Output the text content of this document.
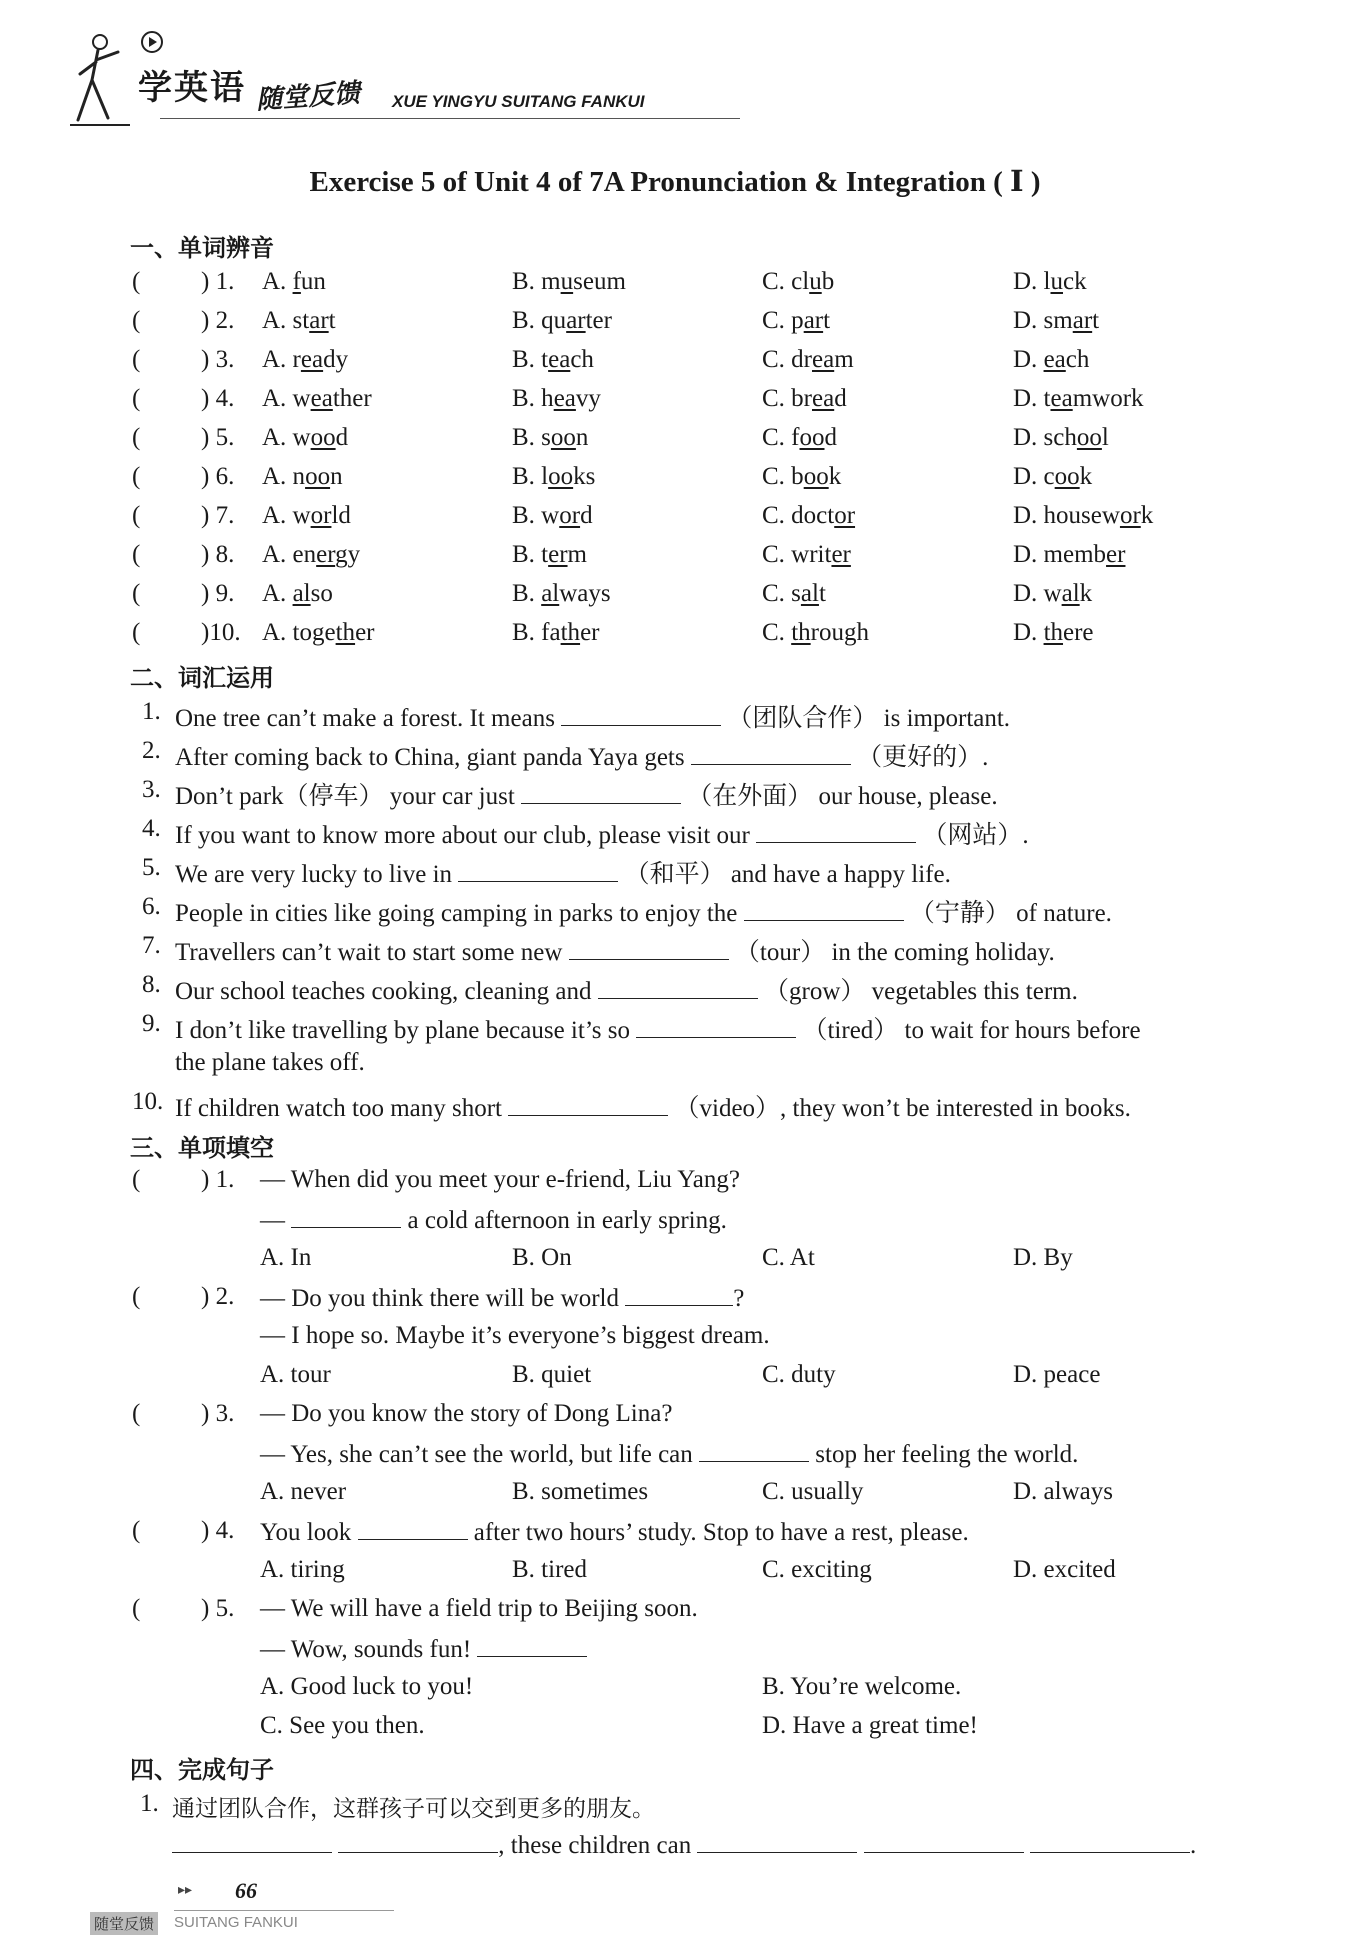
学英语 随堂反馈 XUE YINGYU SUITANG FANKUI
Exercise 5 of Unit 4 of 7A Pronunciation & Integration ( Ⅰ )
一、单词辨音
( ) 1. A. fun	B. museum	C. club	D. luck
( ) 2. A. start	B. quarter	C. part	D. smart
( ) 3. A. ready	B. teach	C. dream	D. each
( ) 4. A. weather	B. heavy	C. bread	D. teamwork
( ) 5. A. wood	B. soon	C. food	D. school
( ) 6. A. noon	B. looks	C. book	D. cook
( ) 7. A. world	B. word	C. doctor	D. housework
( ) 8. A. energy	B. term	C. writer	D. member
( ) 9. A. also	B. always	C. salt	D. walk
( )10. A. together	B. father	C. through	D. there
二、词汇运用
1. One tree can’t make a forest. It means	（团队合作） is important.
2. After coming back to China, giant panda Yaya gets	（更好的）.
3. Don’t park（停车） your car just	（在外面） our house, please.
4. If you want to know more about our club, please visit our	（网站）.
5. We are very lucky to live in	（和平） and have a happy life.
6. People in cities like going camping in parks to enjoy the	（宁静） of nature.
7. Travellers can’t wait to start some new	（tour） in the coming holiday.
8. Our school teaches cooking, cleaning and	（grow） vegetables this term.
9. I don’t like travelling by plane because it’s so	（tired） to wait for hours before
the plane takes off.
10. If children watch too many short	（video）, they won’t be interested in books.
三、单项填空
( ) 1. — When did you meet your e-friend, Liu Yang?
—	a cold afternoon in early spring.
A. In	B. On	C. At	D. By
( ) 2. — Do you think there will be world	?
— I hope so. Maybe it’s everyone’s biggest dream.
A. tour	B. quiet	C. duty	D. peace
( ) 3. — Do you know the story of Dong Lina?
— Yes, she can’t see the world, but life can	stop her feeling the world.
A. never	B. sometimes	C. usually	D. always
( ) 4. You look	after two hours’ study. Stop to have a rest, please.
A. tiring	B. tired	C. exciting	D. excited
( ) 5. — We will have a field trip to Beijing soon.
— Wow, sounds fun!
A. Good luck to you!	B. You’re welcome.
C. See you then.	D. Have a great time!
四、完成句子
1. 通过团队合作，这群孩子可以交到更多的朋友。
, these children can	.
▸▸ 66
随堂反馈 SUITANG FANKUI
